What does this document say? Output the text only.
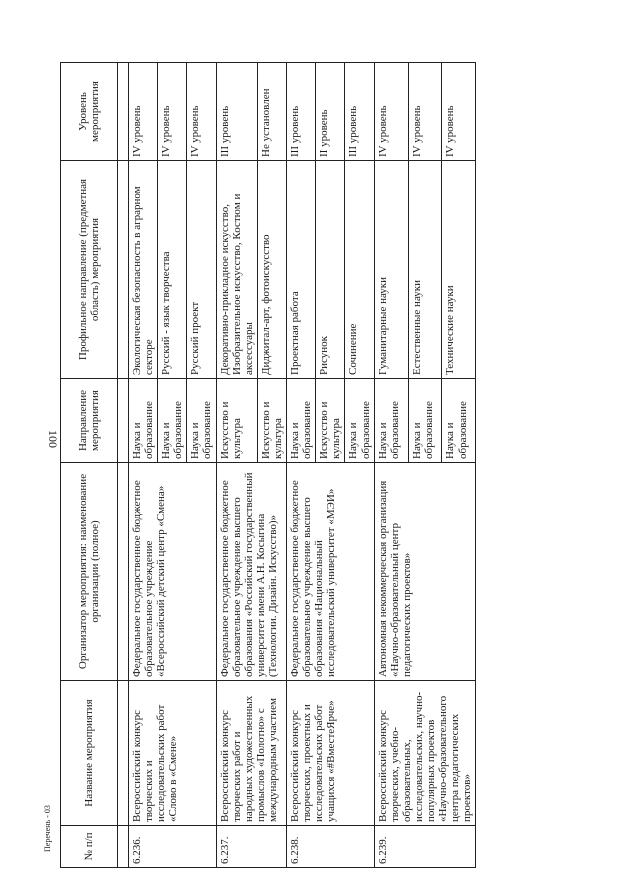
100
№ п/п	Название мероприятия	Организатор мероприятия: наименование организации (полное)	Направление мероприятия	Профильное направление (предметная область) мероприятия	Уровень мероприятия

6.236.	Всероссийский конкурс творческих и исследовательских работ «Слово в «Смене»	Федеральное государственное бюджетное образовательное учреждение «Всероссийский детский центр «Смена»	Наука и образование	Экологическая безопасность в аграрном секторе	IV уровень
			Наука и образование	Русский - язык творчества	IV уровень
			Наука и образование	Русский проект	IV уровень
6.237.	Всероссийский конкурс творческих работ и народных художественных промыслов «Полотно» с международным участием	Федеральное государственное бюджетное образовательное учреждение высшего образования «Российский государственный университет имени А.Н. Косыгина (Технологии. Дизайн. Искусство)»	Искусство и культура	Декоративно-прикладное искусство, Изобразительное искусство, Костюм и аксессуары	III уровень
			Искусство и культура	Диджитал-арт, фотоискусство	Не установлен
6.238.	Всероссийский конкурс творческих, проектных и исследовательских работ учащихся «#ВместеЯрче»	Федеральное государственное бюджетное образовательное учреждение высшего образования «Национальный исследовательский университет «МЭИ»	Наука и образование	Проектная работа	III уровень
			Искусство и культура	Рисунок	II уровень
			Наука и образование	Сочинение	III уровень
6.239.	Всероссийский конкурс творческих, учебно-образовательных, исследовательских, научно-популярных проектов «Научно-образовательного центра педагогических проектов»	Автономная некоммерческая организация «Научно-образовательный центр педагогических проектов»	Наука и образование	Гуманитарные науки	IV уровень
			Наука и образование	Естественные науки	IV уровень
			Наука и образование	Технические науки	IV уровень
Перечень - 03
